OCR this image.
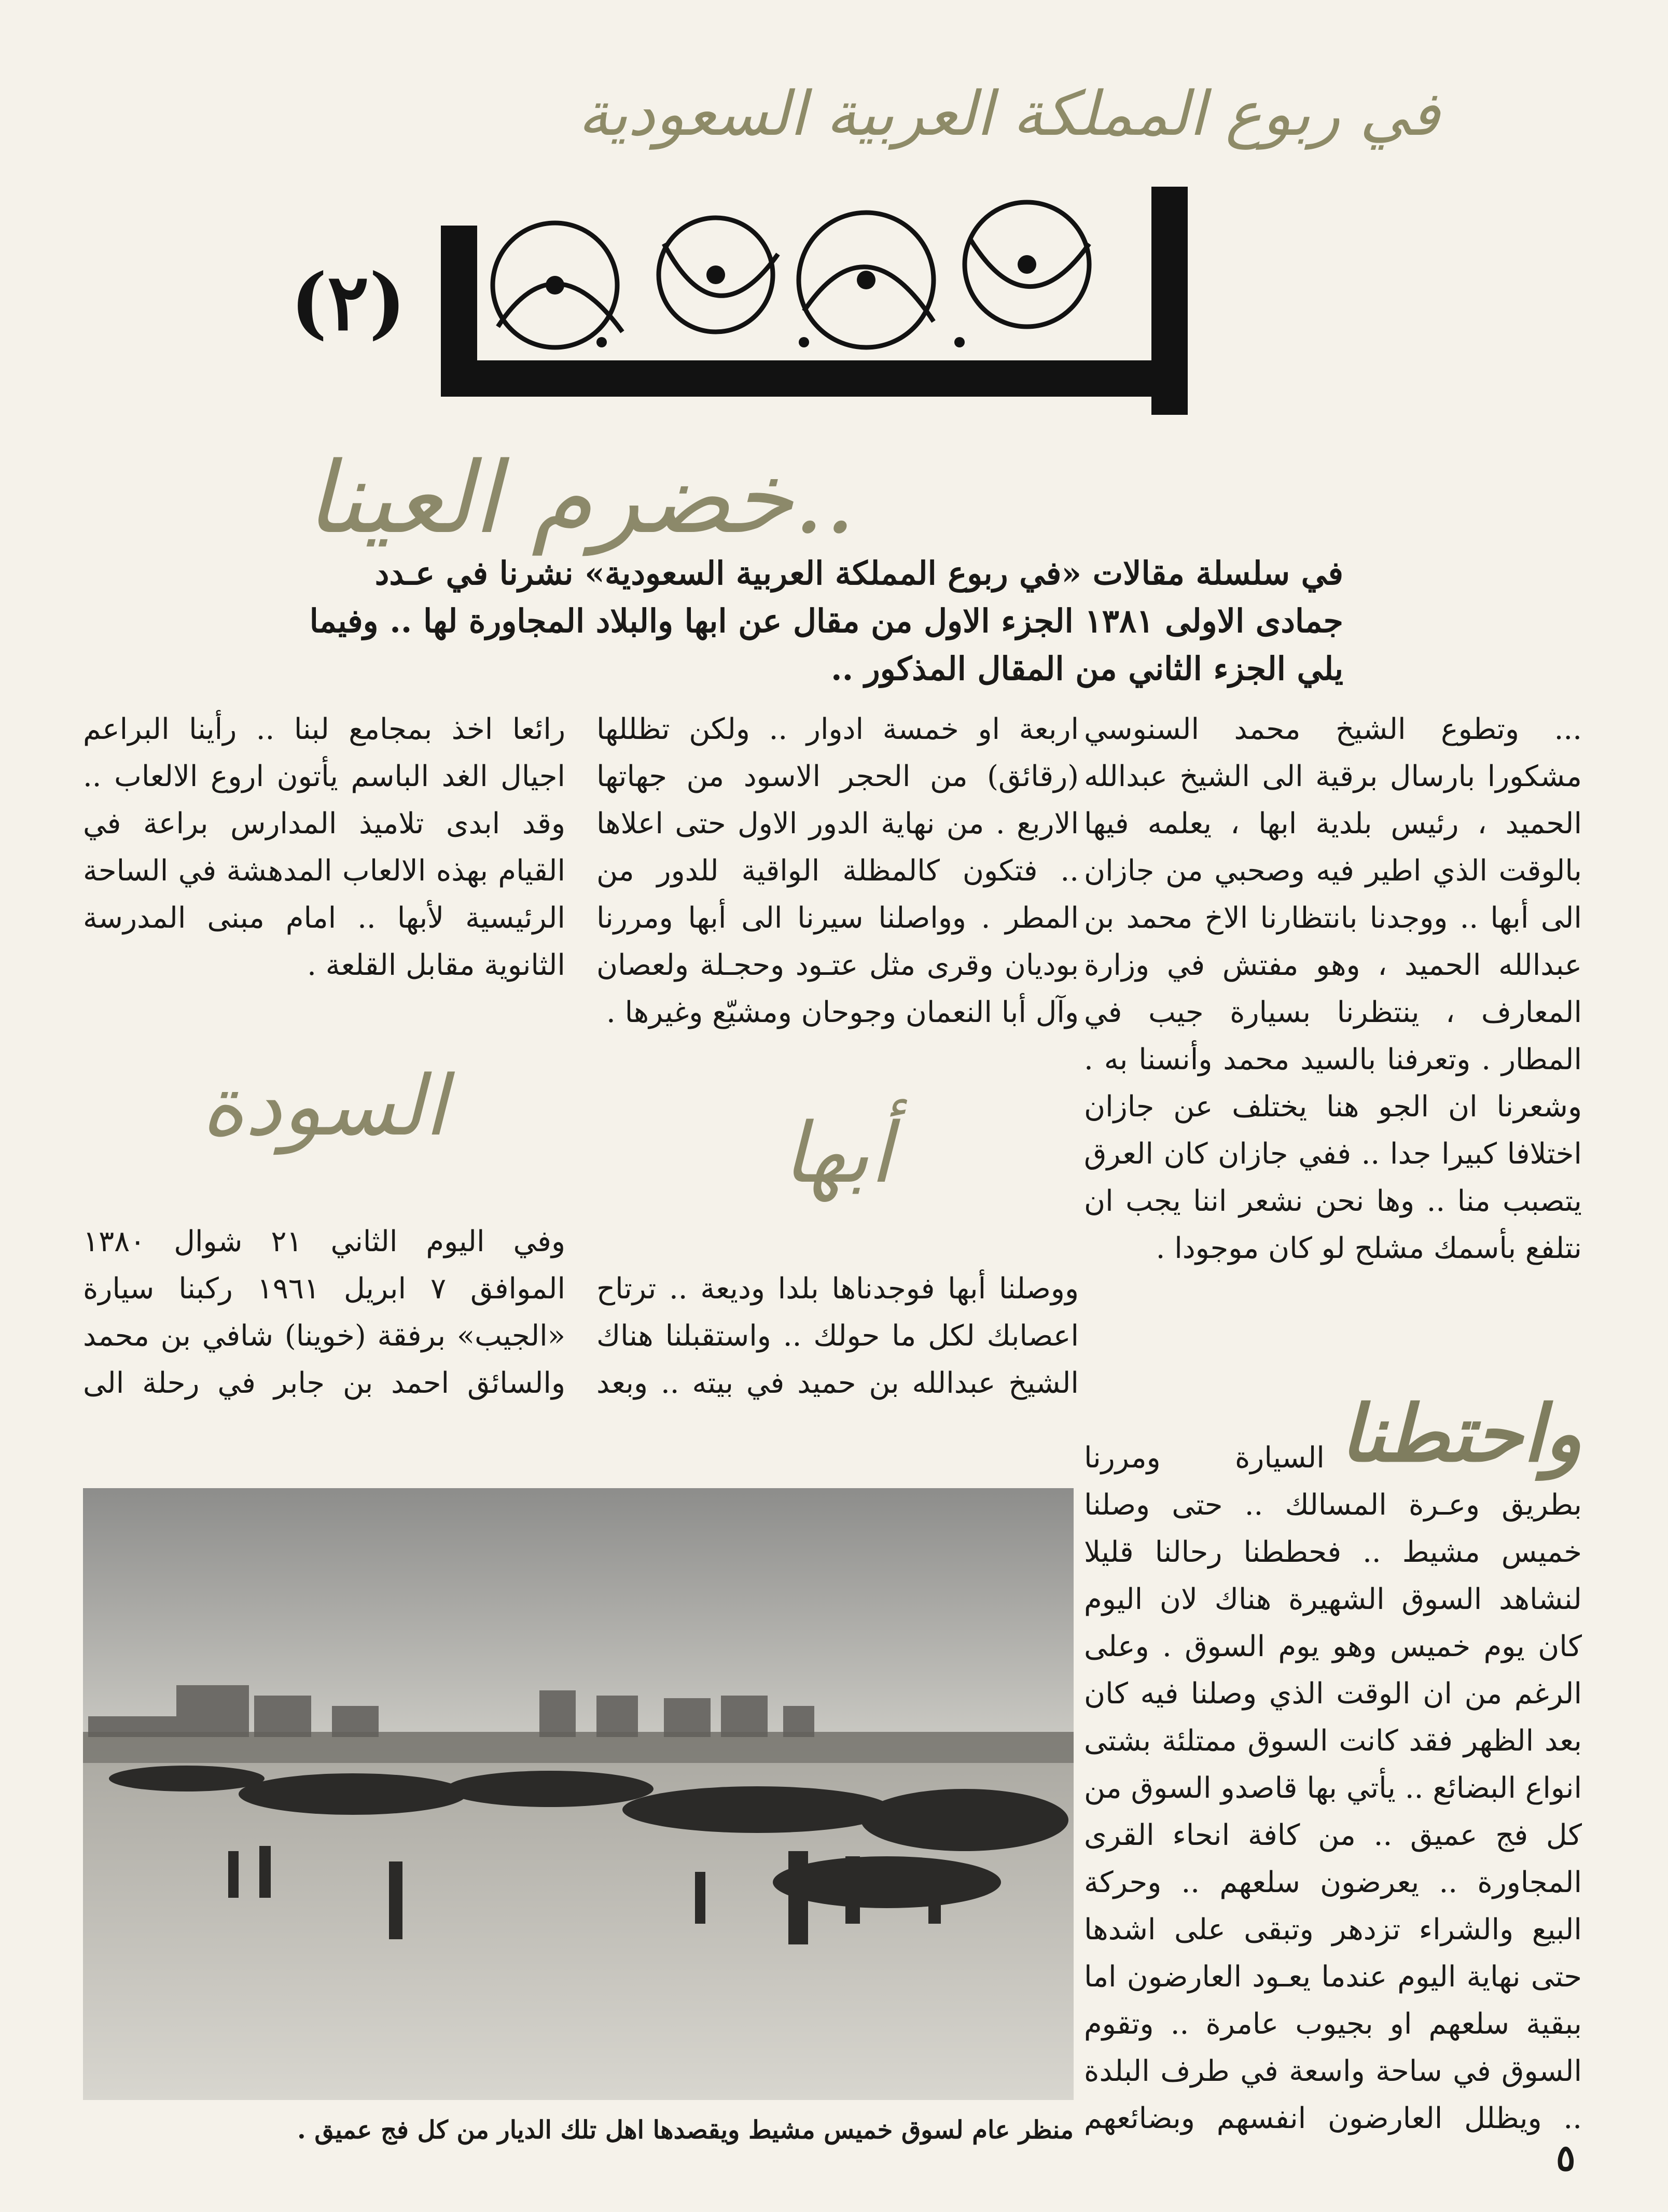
في ربوع المملكة العربية السعودية
(٢)
خضرم العينا..
في سلسلة مقالات «في ربوع المملكة العربية السعودية» نشرنا في عـدد جمادى الاولى ١٣٨١ الجزء الاول من مقال عن ابها والبلاد المجاورة لها .. وفيما يلي الجزء الثاني من المقال المذكور ..

... وتطوع الشيخ محمد السنوسي مشكورا بارسال برقية الى الشيخ عبدالله الحميد ، رئيس بلدية ابها ، يعلمه فيها بالوقت الذي اطير فيه وصحبي من جازان الى أبها .. ووجدنا بانتظارنا الاخ محمد بن عبدالله الحميد ، وهو مفتش في وزارة المعارف ، ينتظرنا بسيارة جيب في المطار . وتعرفنا بالسيد محمد وأنسنا به . وشعرنا ان الجو هنا يختلف عن جازان اختلافا كبيرا جدا .. ففي جازان كان العرق يتصبب منا .. وها نحن نشعر اننا يجب ان نتلفع بأسمك مشلح لو كان موجودا .

واحتطنا

السيارة ومررنا بطريق وعـرة المسالك .. حتى وصلنا خميس مشيط .. فحططنا رحالنا قليلا لنشاهد السوق الشهيرة هناك لان اليوم كان يوم خميس وهو يوم السوق . وعلى الرغم من ان الوقت الذي وصلنا فيه كان بعد الظهر فقد كانت السوق ممتلئة بشتى انواع البضائع .. يأتي بها قاصدو السوق من كل فج عميق .. من كافة انحاء القرى المجاورة .. يعرضون سلعهم .. وحركة البيع والشراء تزدهر وتبقى على اشدها حتى نهاية اليوم عندما يعـود العارضون اما ببقية سلعهم او بجيوب عامرة .. وتقوم السوق في ساحة واسعة في طرف البلدة .. ويظلل العارضون انفسهم وبضائعهم

اربعة او خمسة ادوار .. ولكن تظللها (رقائق) من الحجر الاسود من جهاتها الاربع . من نهاية الدور الاول حتى اعلاها .. فتكون كالمظلة الواقية للدور من المطر . وواصلنا سيرنا الى أبها ومررنا بوديان وقرى مثل عتـود وحجـلة ولعصان وآل أبا النعمان وجوحان ومشيّع وغيرها .

أبها

ووصلنا أبها فوجدناها بلدا وديعة .. ترتاح اعصابك لكل ما حولك .. واستقبلنا هناك الشيخ عبدالله بن حميد في بيته .. وبعد

رائعا اخذ بمجامع لبنا .. رأينا البراعم اجيال الغد الباسم يأتون اروع الالعاب .. وقد ابدى تلاميذ المدارس براعة في القيام بهذه الالعاب المدهشة في الساحة الرئيسية لأبها .. امام مبنى المدرسة الثانوية مقابل القلعة .

السودة

وفي اليوم الثاني ٢١ شوال ١٣٨٠ الموافق ٧ ابريل ١٩٦١ ركبنا سيارة «الجيب» برفقة (خوينا) شافي بن محمد والسائق احمد بن جابر في رحلة الى

منظر عام لسوق خميس مشيط ويقصدها اهل تلك الديار من كل فج عميق .
٥
